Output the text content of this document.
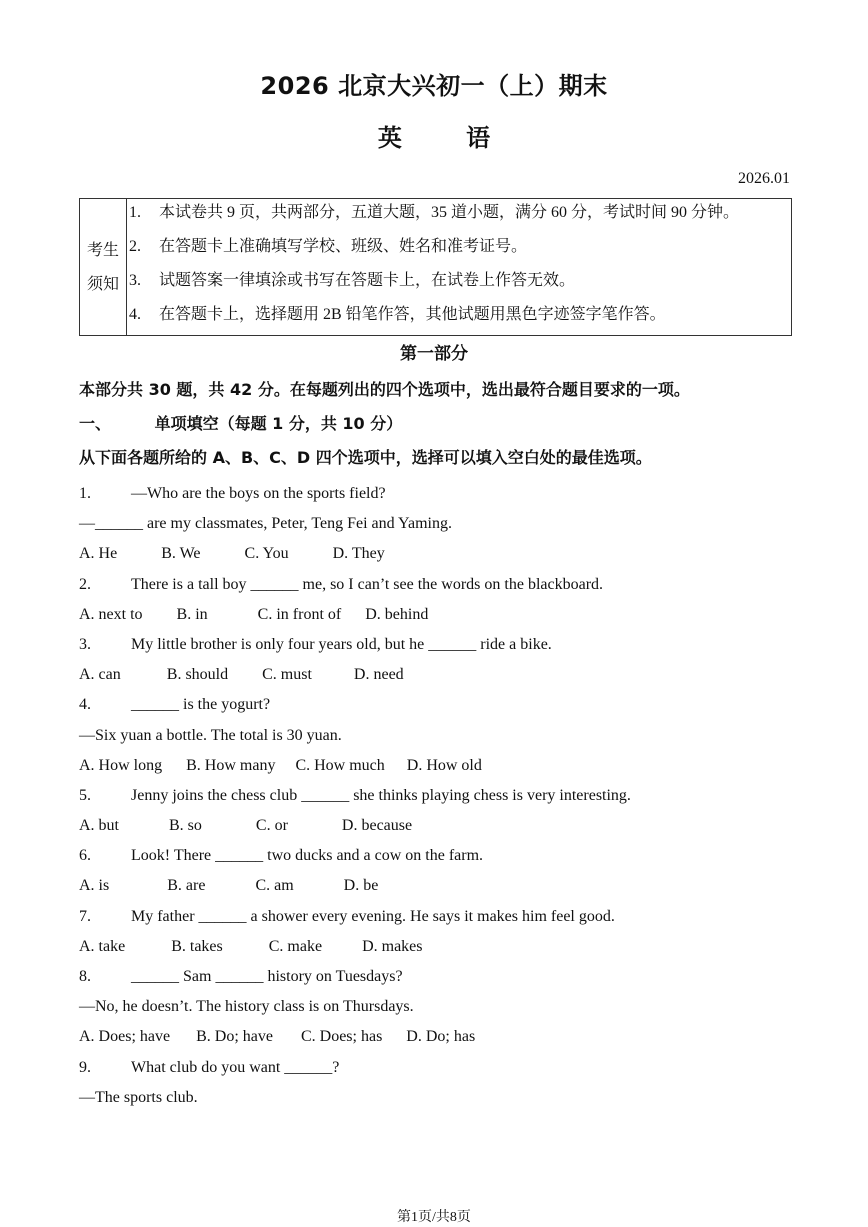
2026 北京大兴初一（上）期末
英 语
2026.01
考生
须知

1.	本试卷共 9 页，共两部分，五道大题，35 道小题，满分 60 分，考试时间 90 分钟。
2.	在答题卡上准确填写学校、班级、姓名和准考证号。
3.	试题答案一律填涂或书写在答题卡上，在试卷上作答无效。
4.	在答题卡上，选择题用 2B 铅笔作答，其他试题用黑色字迹签字笔作答。
第一部分
本部分共 30 题，共 42 分。在每题列出的四个选项中，选出最符合题目要求的一项。
一、	单项填空（每题 1 分，共 10 分）
从下面各题所给的 A、B、C、D 四个选项中，选择可以填入空白处的最佳选项。
1.	—Who are the boys on the sports field?
—______ are my classmates, Peter, Teng Fei and Yaming.
A. He	B. We	C. You	D. They
2.	There is a tall boy ______ me, so I can’t see the words on the blackboard.
A. next to B. in	C. in front of D. behind
3.	My little brother is only four years old, but he ______ ride a bike.
A. can	B. should C. must	D. need
4.	______ is the yogurt?
—Six yuan a bottle. The total is 30 yuan.
A. How long B. How many C. How much D. How old
5.	Jenny joins the chess club ______ she thinks playing chess is very interesting.
A. but	B. so	C. or	D. because
6.	Look! There ______ two ducks and a cow on the farm.
A. is	B. are	C. am	D. be
7.	My father ______ a shower every evening. He says it makes him feel good.
A. take	B. takes	C. make	D. makes
8.	______ Sam ______ history on Tuesdays?
—No, he doesn’t. The history class is on Thursdays.
A. Does; have B. Do; have C. Does; has D. Do; has
9.	What club do you want ______?
—The sports club.
第1页/共8页
